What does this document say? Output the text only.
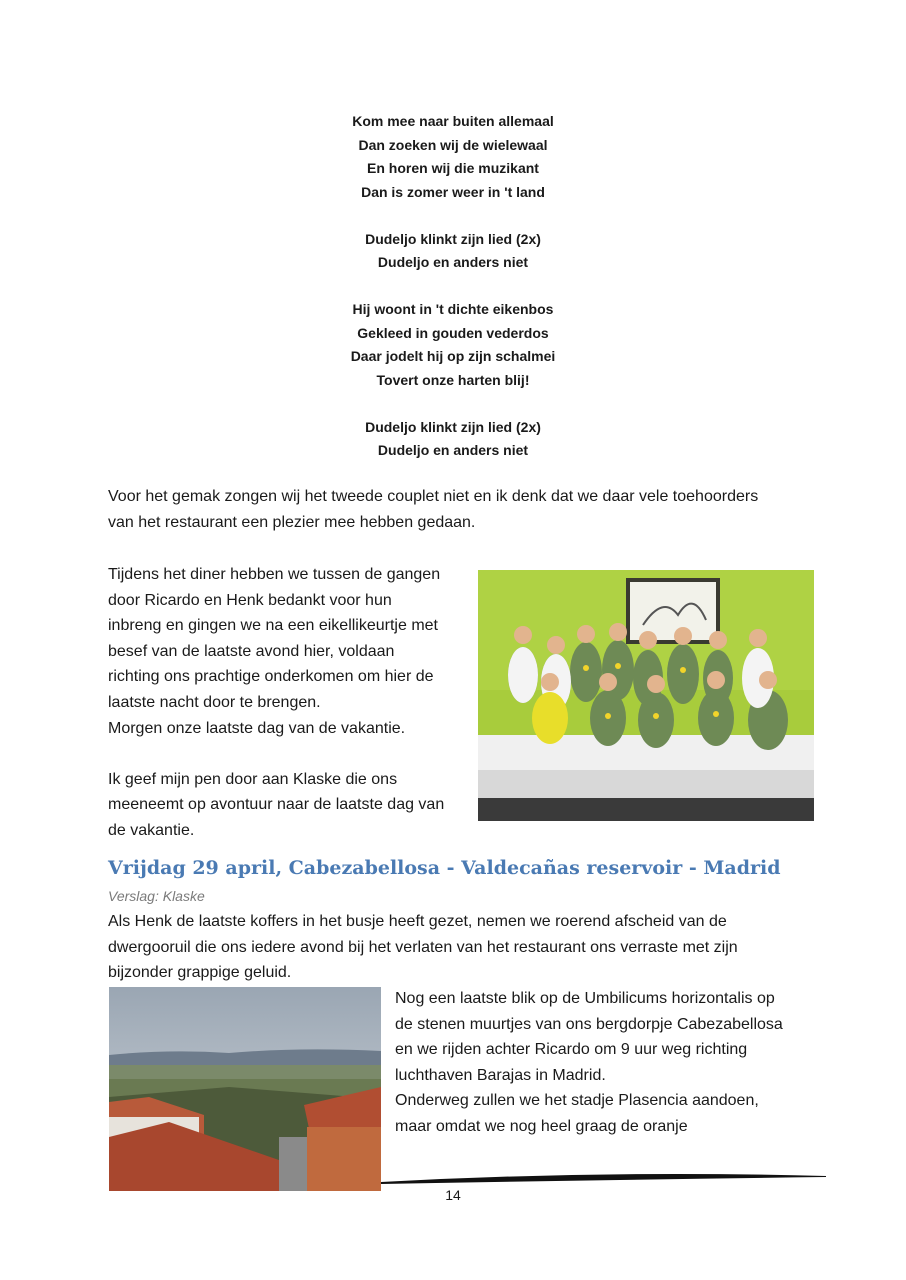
Kom mee naar buiten allemaal
Dan zoeken wij de wielewaal
En horen wij die muzikant
Dan is zomer weer in 't land
Dudeljo klinkt zijn lied (2x)
Dudeljo en anders niet
Hij woont in 't dichte eikenbos
Gekleed in gouden vederdos
Daar jodelt hij op zijn schalmei
Tovert onze harten blij!
Dudeljo klinkt zijn lied (2x)
Dudeljo en anders niet
Voor het gemak zongen wij het tweede couplet niet en ik denk dat we daar vele toehoorders
van het restaurant een plezier mee hebben gedaan.
Tijdens het diner hebben we tussen de gangen
door Ricardo en Henk bedankt voor hun
inbreng en gingen we na een eikellikeurtje met
besef van de laatste avond hier, voldaan
richting ons prachtige onderkomen om hier de
laatste nacht door te brengen.
Morgen onze laatste dag van de vakantie.
Ik geef mijn pen door aan Klaske die ons
meeneemt op avontuur naar de laatste dag van
de vakantie.
Vrijdag 29 april, Cabezabellosa - Valdecañas reservoir - Madrid
Verslag: Klaske
Als Henk de laatste koffers in het busje heeft gezet, nemen we roerend afscheid van de
dwergooruil die ons iedere avond bij het verlaten van het restaurant ons verraste met zijn
bijzonder grappige geluid.
Nog een laatste blik op de Umbilicums horizontalis op
de stenen muurtjes van ons bergdorpje Cabezabellosa
en we rijden achter Ricardo om 9 uur weg richting
luchthaven Barajas in Madrid.
Onderweg zullen we het stadje Plasencia aandoen,
maar omdat we nog heel graag de oranje
14
